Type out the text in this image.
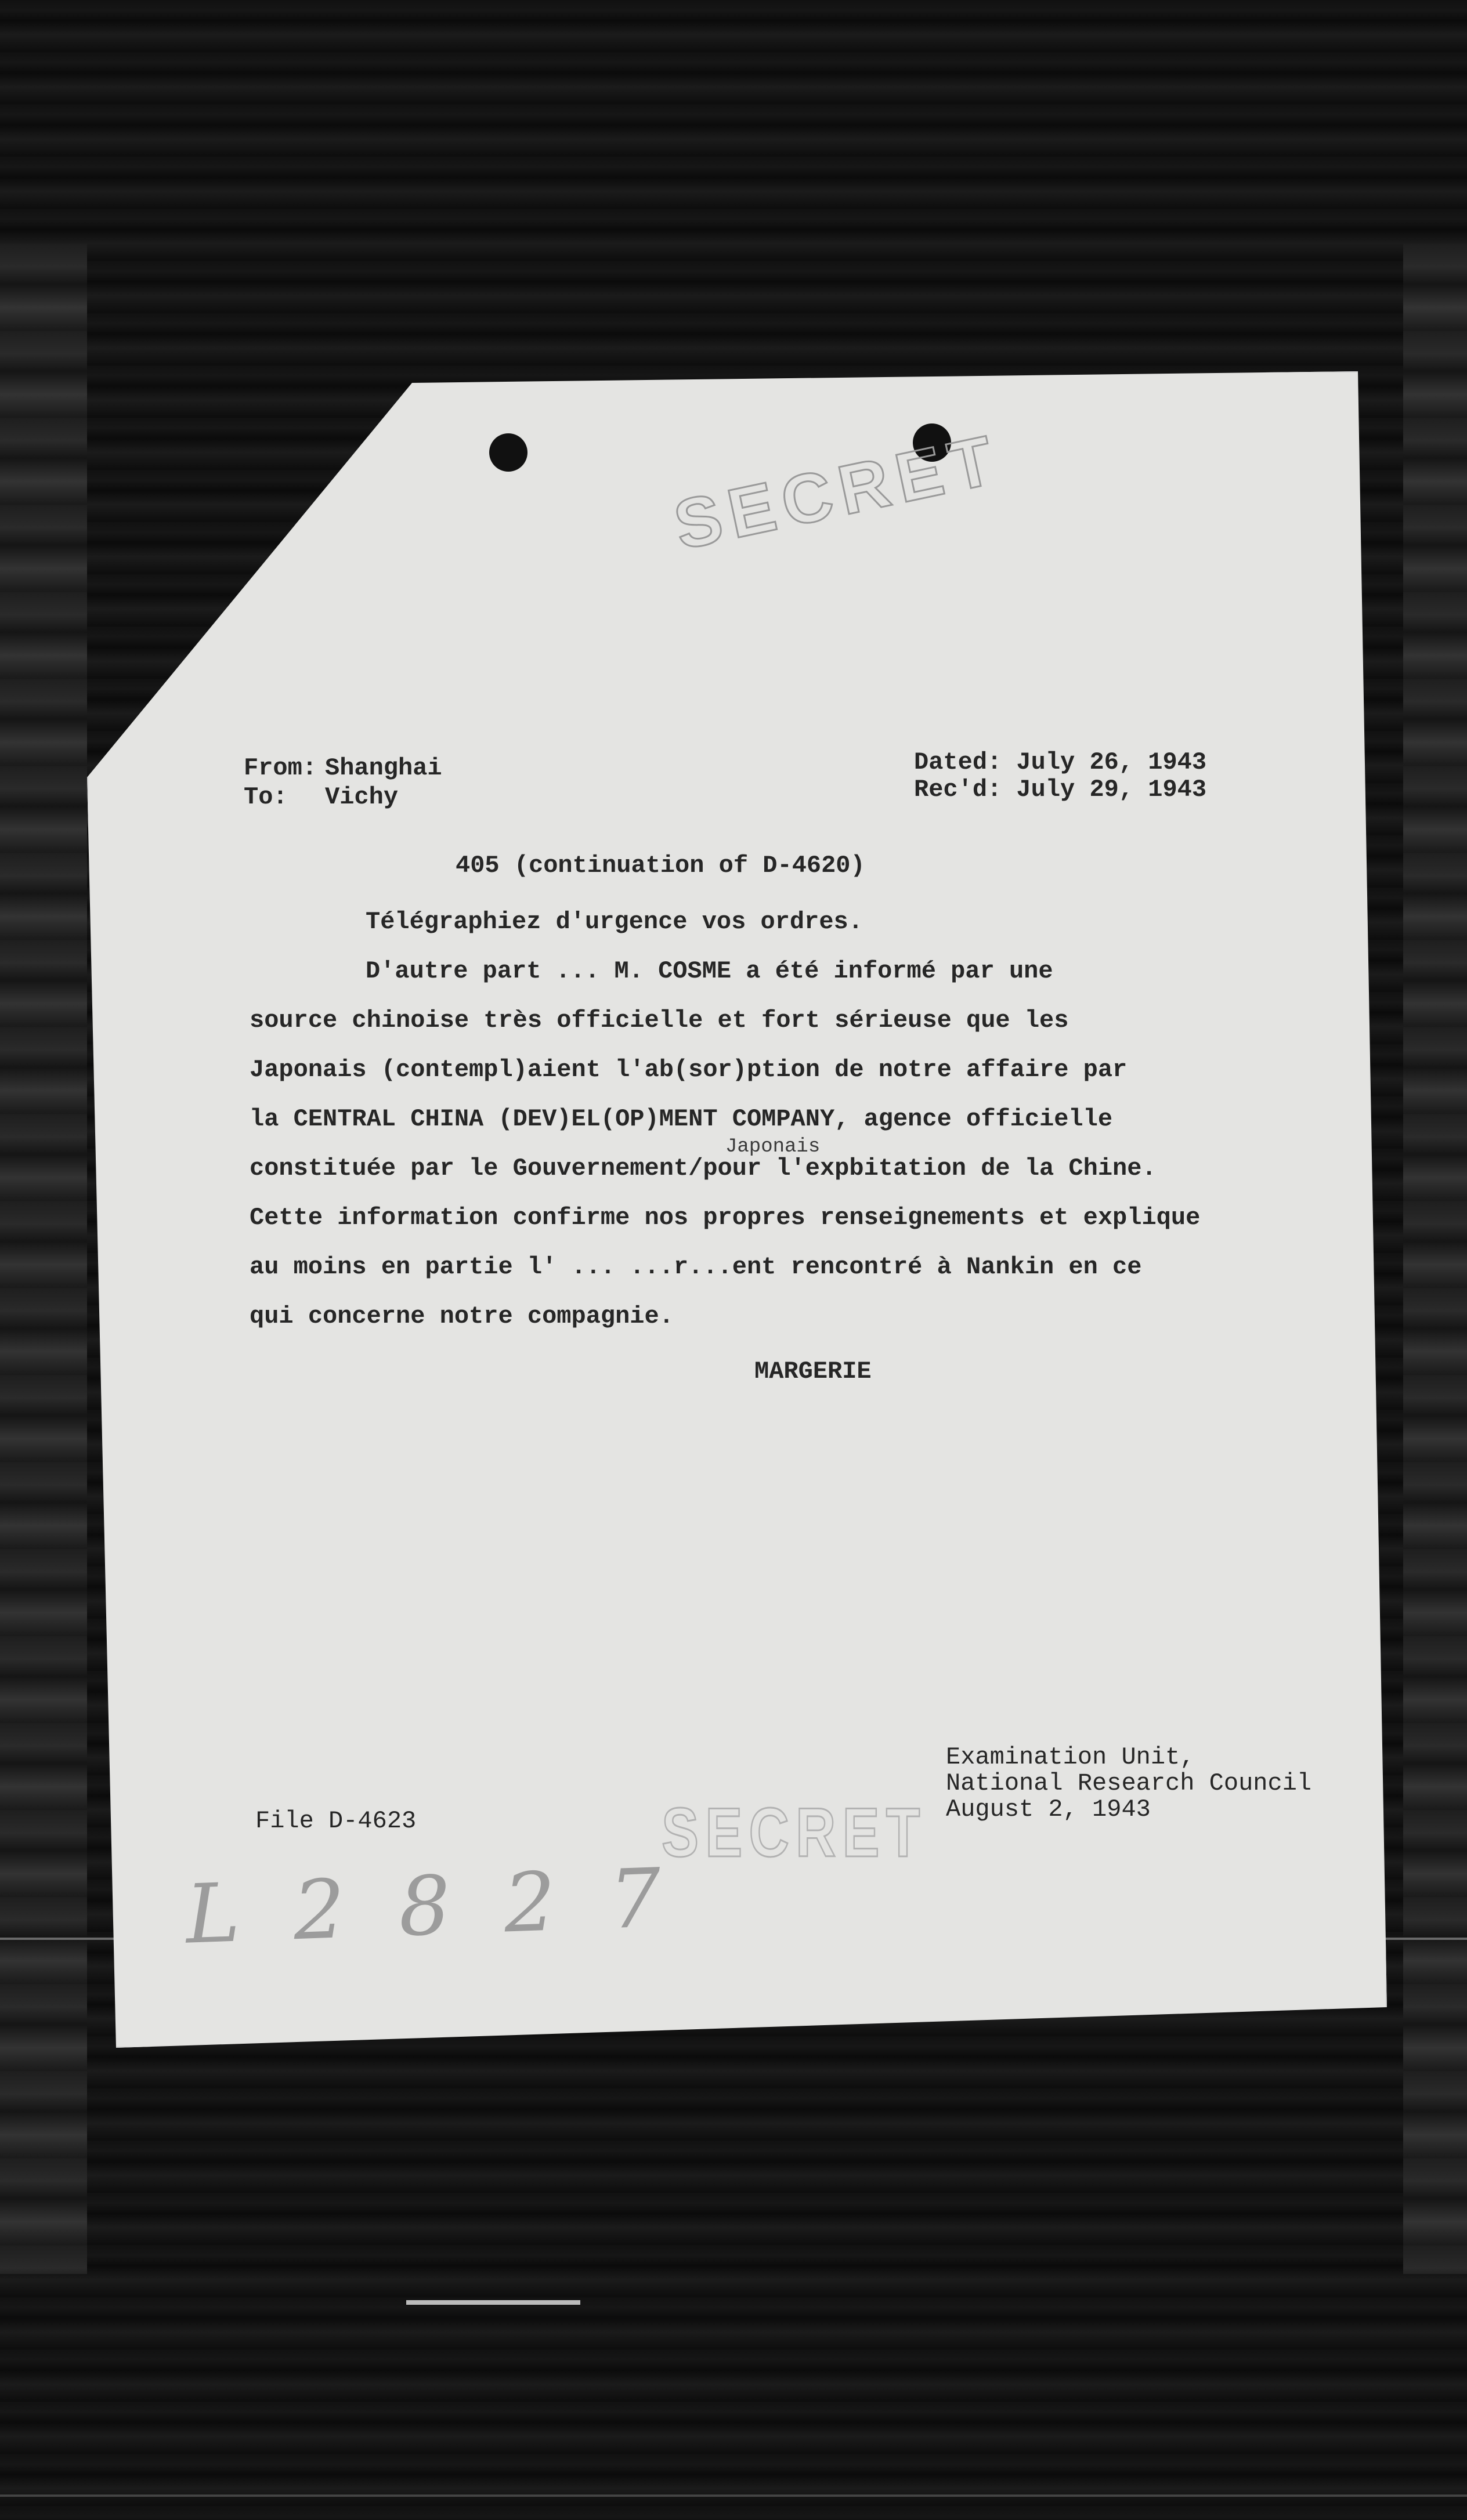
SECRET
From: Shanghai
To: Vichy
Dated: July 26, 1943
Rec'd: July 29, 1943
405 (continuation of D-4620)
Télégraphiez d'urgence vos ordres.
D'autre part ... M. COSME a été informé par une
source chinoise très officielle et fort sérieuse que les
Japonais (contempl)aient l'ab(sor)ption de notre affaire par
la CENTRAL CHINA (DEV)EL(OP)MENT COMPANY, agence officielle
Japonais
constituée par le Gouvernement/pour l'expbitation de la Chine.
Cette information confirme nos propres renseignements et explique
au moins en partie l' ... ...r...ent rencontré à Nankin en ce
qui concerne notre compagnie.
MARGERIE
Examination Unit,
National Research Council
August 2, 1943
File D-4623	SECRET
L 2 8 2 7
